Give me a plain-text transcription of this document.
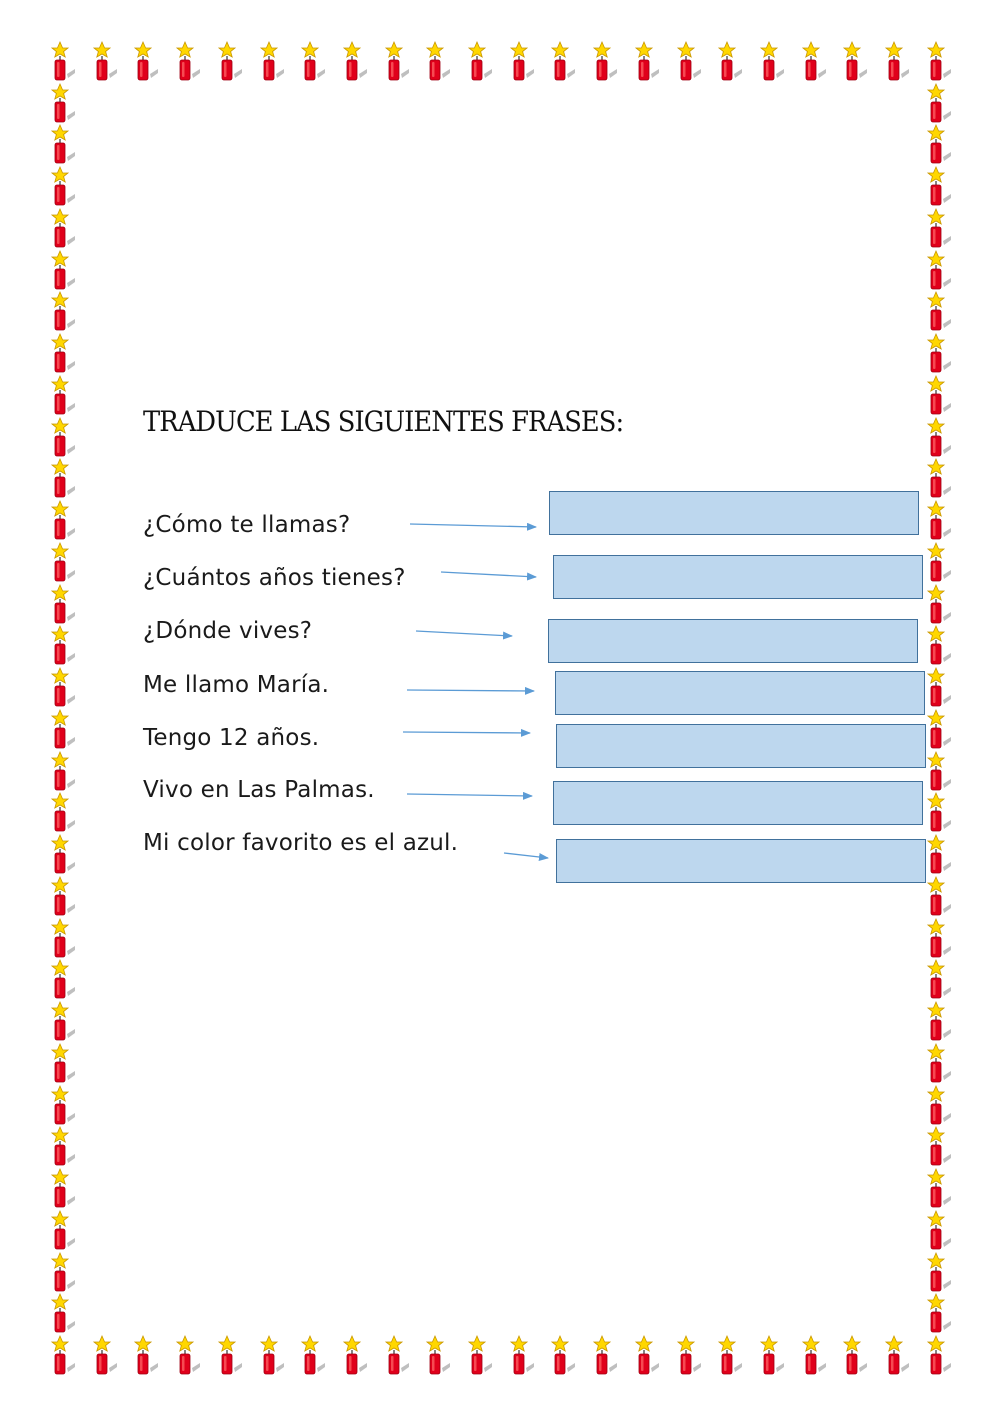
TRADUCE LAS SIGUIENTES FRASES:
¿Cómo te llamas?
¿Cuántos años tienes?
¿Dónde vives?
Me llamo María.
Tengo 12 años.
Vivo en Las Palmas.
Mi color favorito es el azul.
